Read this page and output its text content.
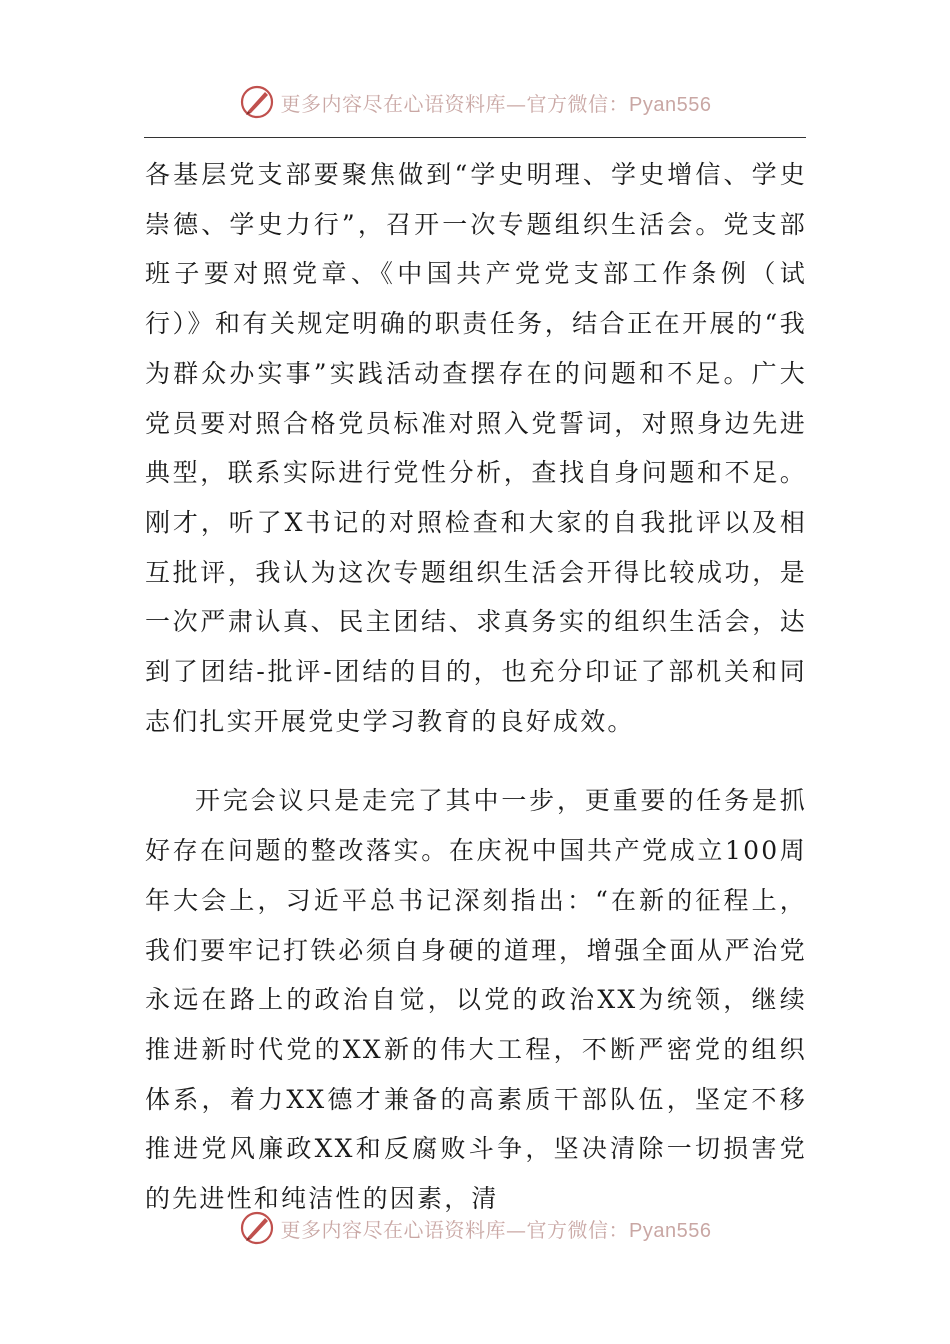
更多内容尽在心语资料库—官方微信：Pyan556

各基层党支部要聚焦做到“学史明理、学史增信、学史崇德、学史力行”，召开一次专题组织生活会。党支部班子要对照党章、《中国共产党党支部工作条例（试行）》和有关规定明确的职责任务，结合正在开展的“我为群众办实事”实践活动查摆存在的问题和不足。广大党员要对照合格党员标准对照入党誓词，对照身边先进典型，联系实际进行党性分析，查找自身问题和不足。刚才，听了X书记的对照检查和大家的自我批评以及相互批评，我认为这次专题组织生活会开得比较成功，是一次严肃认真、民主团结、求真务实的组织生活会，达到了团结-批评-团结的目的，也充分印证了部机关和同志们扎实开展党史学习教育的良好成效。

开完会议只是走完了其中一步，更重要的任务是抓好存在问题的整改落实。在庆祝中国共产党成立100周年大会上，习近平总书记深刻指出：“在新的征程上，我们要牢记打铁必须自身硬的道理，增强全面从严治党永远在路上的政治自觉，以党的政治XX为统领，继续推进新时代党的XX新的伟大工程，不断严密党的组织体系，着力XX德才兼备的高素质干部队伍，坚定不移推进党风廉政XX和反腐败斗争，坚决清除一切损害党的先进性和纯洁性的因素，清

更多内容尽在心语资料库—官方微信：Pyan556
